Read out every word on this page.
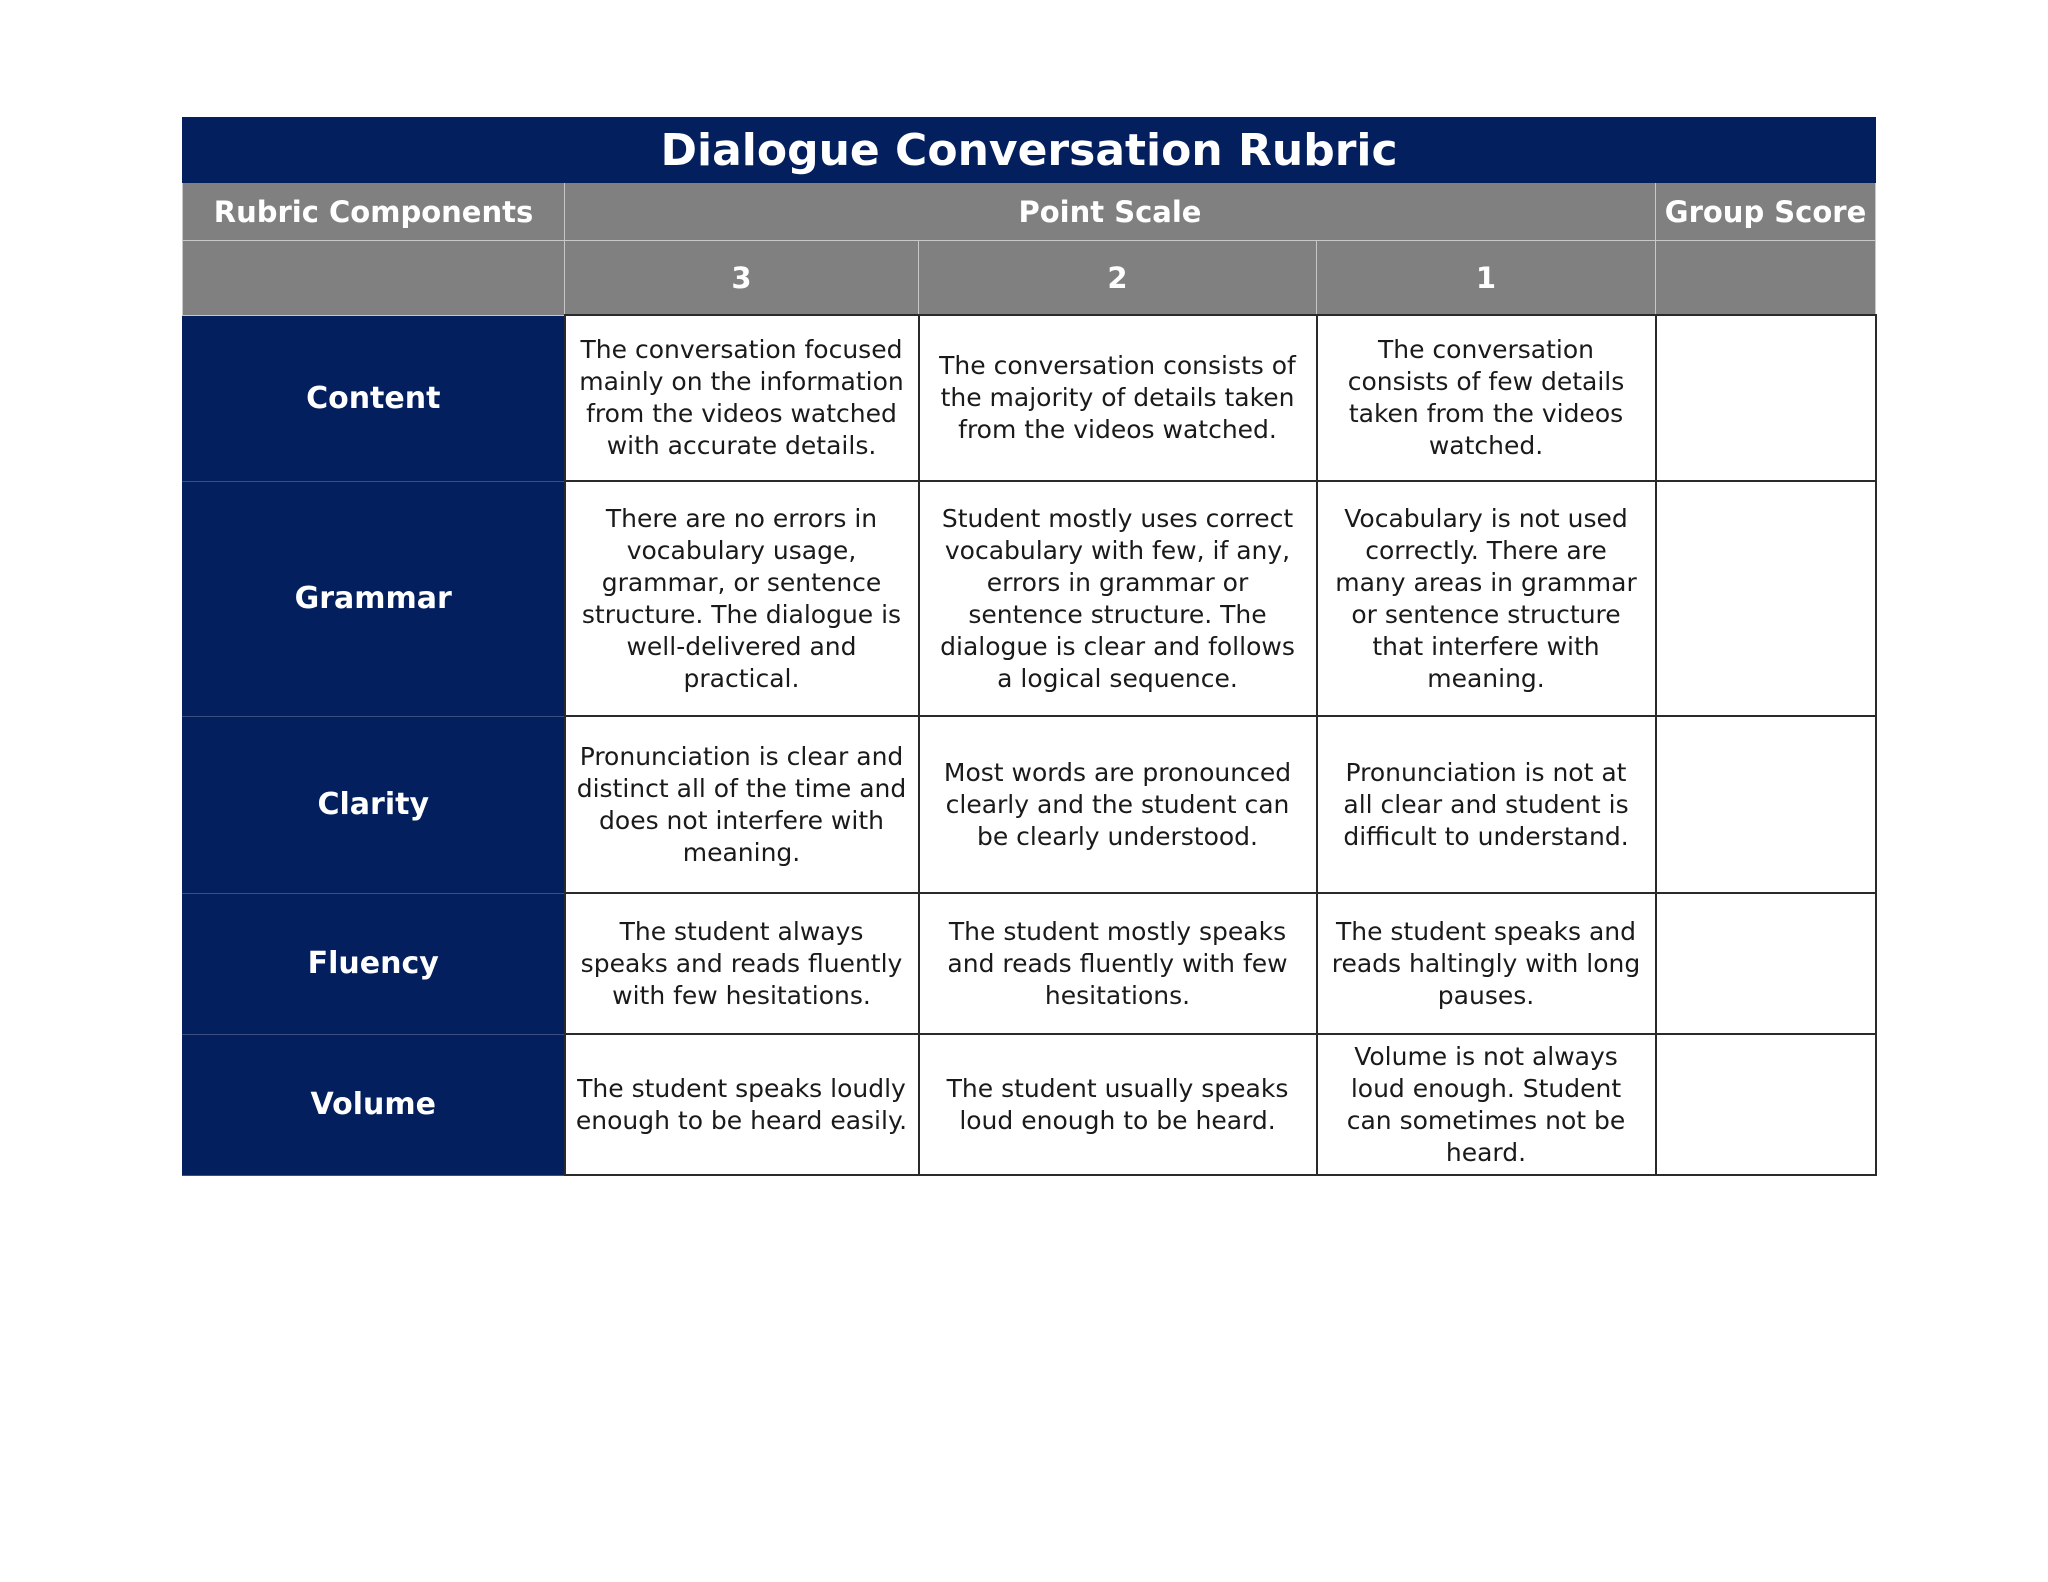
Dialogue Conversation Rubric				
Rubric Components	Point Scale			Group Score
	3	2	1	
Content	The conversation focused mainly on the information from the videos watched with accurate details.	The conversation consists of the majority of details taken from the videos watched.	The conversation consists of few details taken from the videos watched.	
Grammar	There are no errors in vocabulary usage, grammar, or sentence structure. The dialogue is well-delivered and practical.	Student mostly uses correct vocabulary with few, if any, errors in grammar or sentence structure. The dialogue is clear and follows a logical sequence.	Vocabulary is not used correctly. There are many areas in grammar or sentence structure that interfere with meaning.	
Clarity	Pronunciation is clear and distinct all of the time and does not interfere with meaning.	Most words are pronounced clearly and the student can be clearly understood.	Pronunciation is not at all clear and student is difficult to understand.	
Fluency	The student always speaks and reads fluently with few hesitations.	The student mostly speaks and reads fluently with few hesitations.	The student speaks and reads haltingly with long pauses.	
Volume	The student speaks loudly enough to be heard easily.	The student usually speaks loud enough to be heard.	Volume is not always loud enough. Student can sometimes not be heard.	
